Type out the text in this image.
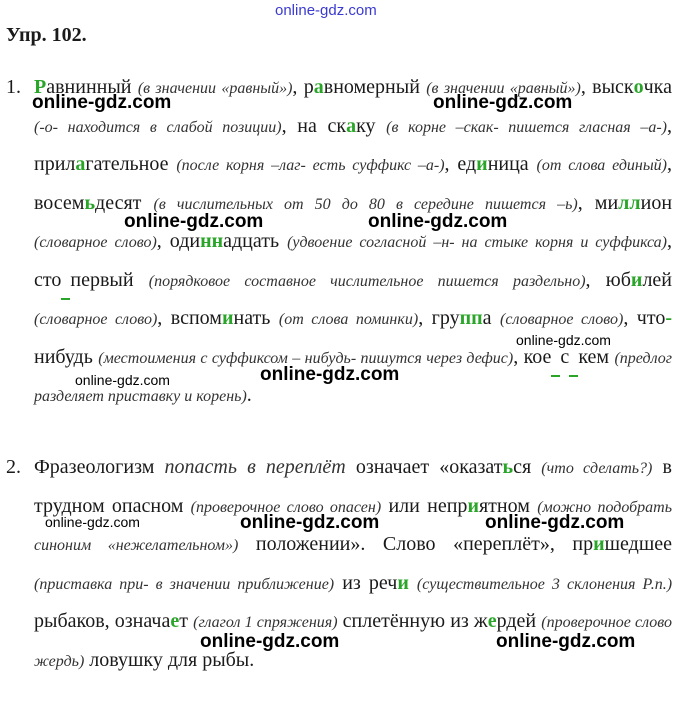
online-gdz.com
Упр. 102.
1. Равнинный (в значении «равный»), равномерный (в значении «равный»), выскочка (-о- находится в слабой позиции), на скаку (в корне –скак- пишется гласная –а-), прилагательное (после корня –лаг- есть суффикс –а-), единица (от слова единый), восемьдесят (в числительных от 50 до 80 в середине пишется –ь), миллион (словарное слово), одиннадцать (удвоение согласной –н- на стыке корня и суффикса), сто первый (порядковое составное числительное пишется раздельно), юбилей (словарное слово), вспоминать (от слова поминки), группа (словарное слово), что-нибудь (местоимения с суффиксом – нибудь- пишутся через дефис), кое с кем (предлог разделяет приставку и корень).
2. Фразеологизм попасть в переплёт означает «оказаться (что сделать?) в трудном опасном (проверочное слово опасен) или неприятном (можно подобрать синоним «нежелательном») положении». Слово «переплёт», пришедшее (приставка при- в значении приближение) из речи (существительное 3 склонения Р.п.) рыбаков, означает (глагол 1 спряжения) сплетённую из жердей (проверочное слово жердь) ловушку для рыбы.
online-gdz.com	online-gdz.com
online-gdz.com	online-gdz.com
online-gdz.com
online-gdz.com
online-gdz.com
online-gdz.com	online-gdz.com	online-gdz.com
online-gdz.com	online-gdz.com
